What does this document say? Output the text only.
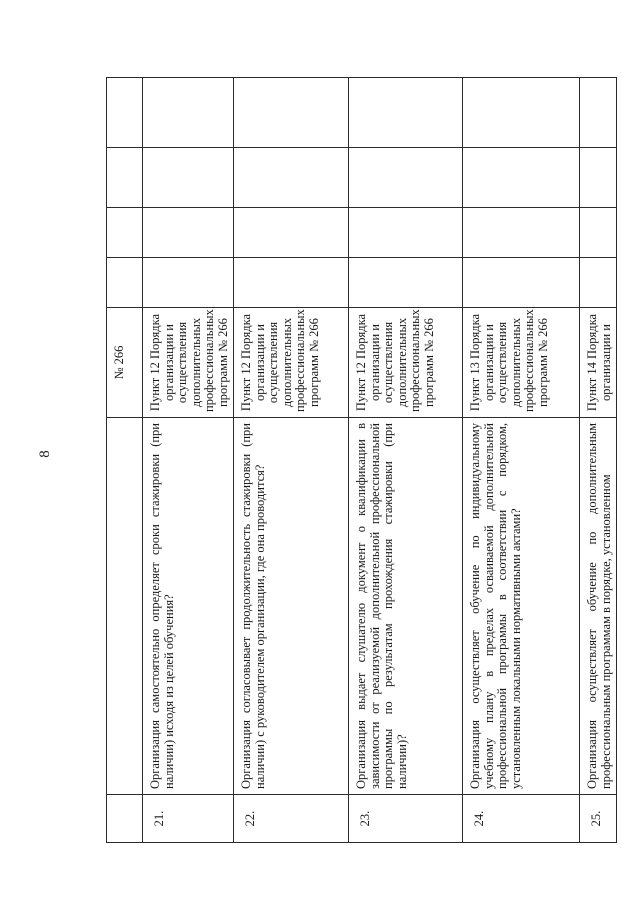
8
		№ 266				
21.	Организация самостоятельно определяет сроки стажировки (при наличии) исходя из целей обучения?	Пункт 12 Порядка организации и осуществления дополнительных профессиональных программ № 266				
22.	Организация согласовывает продолжительность стажировки (при наличии) с руководителем организации, где она проводится?	Пункт 12 Порядка организации и осуществления дополнительных профессиональных программ № 266				
23.	Организация выдает слушателю документ о квалификации в зависимости от реализуемой дополнительной профессиональной программы по результатам прохождения стажировки (при наличии)?	Пункт 12 Порядка организации и осуществления дополнительных профессиональных программ № 266				
24.	Организация осуществляет обучение по индивидуальному учебному плану в пределах осваиваемой дополнительной профессиональной программы в соответствии с порядком, установленным локальными нормативными актами?	Пункт 13 Порядка организации и осуществления дополнительных профессиональных программ № 266				
25.	Организация осуществляет обучение по дополнительным профессиональным программам в порядке, установленном	Пункт 14 Порядка организации и				
